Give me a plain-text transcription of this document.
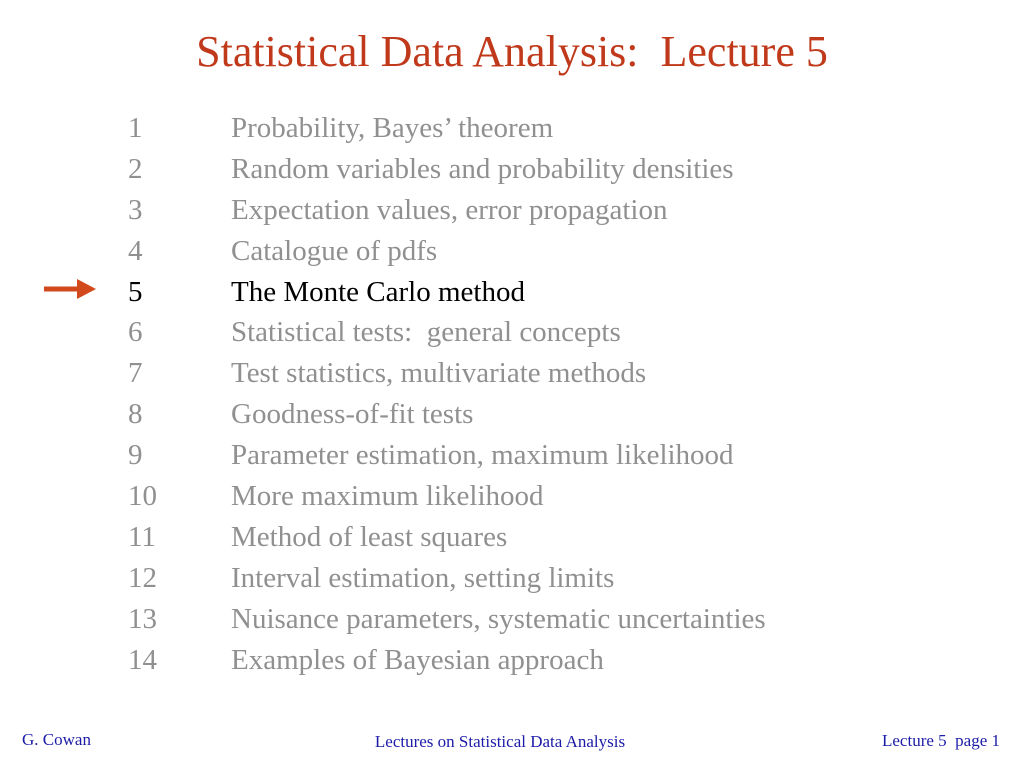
Statistical Data Analysis:  Lecture 5
1	Probability, Bayes’ theorem
2	Random variables and probability densities
3	Expectation values, error propagation
4	Catalogue of pdfs
5	The Monte Carlo method
6	Statistical tests:  general concepts
7	Test statistics, multivariate methods
8	Goodness-of-fit tests
9	Parameter estimation, maximum likelihood
10	More maximum likelihood
11	Method of least squares
12	Interval estimation, setting limits
13	Nuisance parameters, systematic uncertainties
14	Examples of Bayesian approach
G. Cowan	Lectures on Statistical Data Analysis	Lecture 5  page 1
